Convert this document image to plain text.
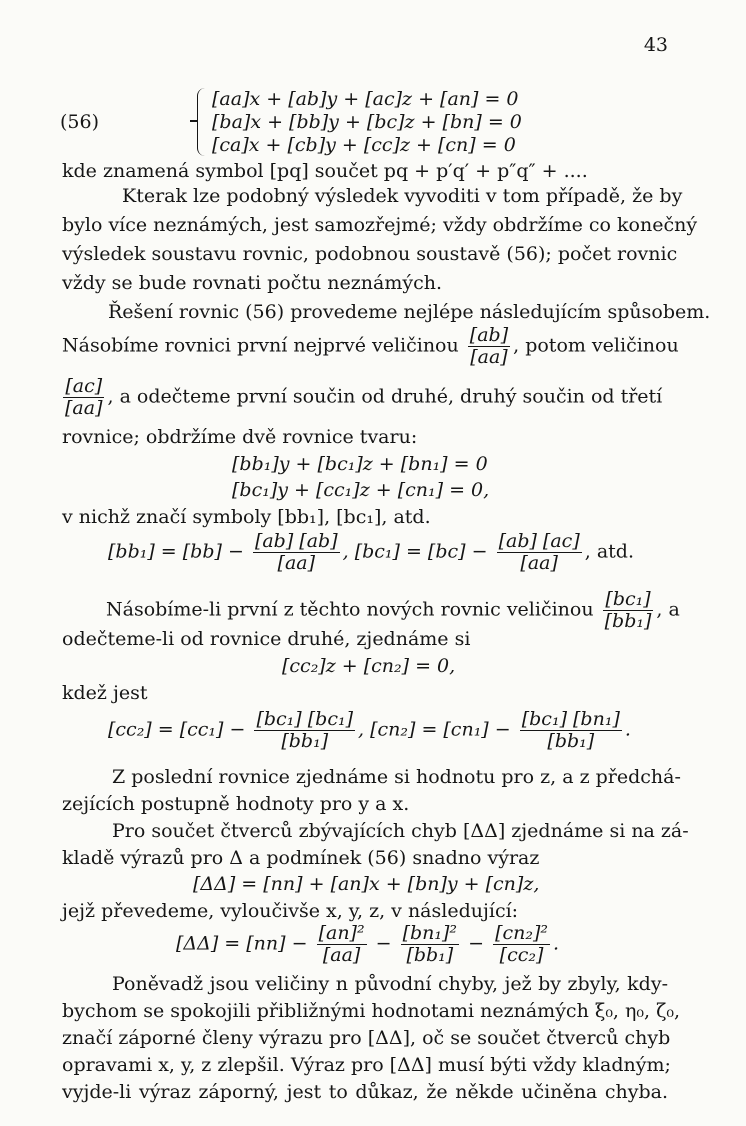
43
(56)
[aa]x + [ab]y + [ac]z + [an] = 0
[ba]x + [bb]y + [bc]z + [bn] = 0
[ca]x + [cb]y + [cc]z + [cn] = 0
kde znamená symbol [pq] součet pq + p′q′ + p″q″ + ....
Kterak lze podobný výsledek vyvoditi v tom případě, že by
bylo více neznámých, jest samozřejmé; vždy obdržíme co konečný
výsledek soustavu rovnic, podobnou soustavě (56); počet rovnic
vždy se bude rovnati počtu neznámých.
Řešení rovnic (56) provedeme nejlépe následujícím spůsobem.
Násobíme rovnici první nejprvé veličinou $\frac{[ab]}{[aa]}$ , potom veličinou
$\frac{[ac]}{[aa]}$ , a odečteme první součin od druhé, druhý součin od třetí
rovnice; obdržíme dvě rovnice tvaru:
[bb₁]y + [bc₁]z + [bn₁] = 0
[bc₁]y + [cc₁]z + [cn₁] = 0,
v nichž značí symboly [bb₁], [bc₁], atd.
$[bb_1] = [bb] - \frac{[ab] [ab]}{[aa]}$ , $[bc_1] = [bc] - \frac{[ab] [ac]}{[aa]}$ , atd.
Násobíme-li první z těchto nových rovnic veličinou $\frac{\text{[bc₁]}}{\text{[bb₁]}}$ , a
odečteme-li od rovnice druhé, zjednáme si
[cc₂]z + [cn₂] = 0,
kdež jest
$[cc_2] = [cc_1] - \frac{\text{[bc₁] [bc₁]}}{\text{[bb₁]}}$ , $[cn_2] = [cn_1] - \frac{\text{[bc₁] [bn₁]}}{\text{[bb₁]}}$ .
Z poslední rovnice zjednáme si hodnotu pro z, a z předchá-
zejících postupně hodnoty pro y a x.
Pro součet čtverců zbývajících chyb [ΔΔ] zjednáme si na zá-
kladě výrazů pro Δ a podmínek (56) snadno výraz
[ΔΔ] = [nn] + [an]x + [bn]y + [cn]z,
jejž převedeme, vyloučivše x, y, z, v následující:
$[\Delta\Delta] = [nn] - \frac{\text{[an]²}}{[aa]} - \frac{\text{[bn₁]²}}{\text{[bb₁]}} - \frac{\text{[cn₂]²}}{\text{[cc₂]}}$ .
Poněvadž jsou veličiny n původní chyby, jež by zbyly, kdy-
bychom se spokojili přibližnými hodnotami neznámých ξ₀, η₀, ζ₀,
značí záporné členy výrazu pro [ΔΔ], oč se součet čtverců chyb
opravami x, y, z zlepšil. Výraz pro [ΔΔ] musí býti vždy kladným;
vyjde-li výraz záporný, jest to důkaz, že někde učiněna chyba.
